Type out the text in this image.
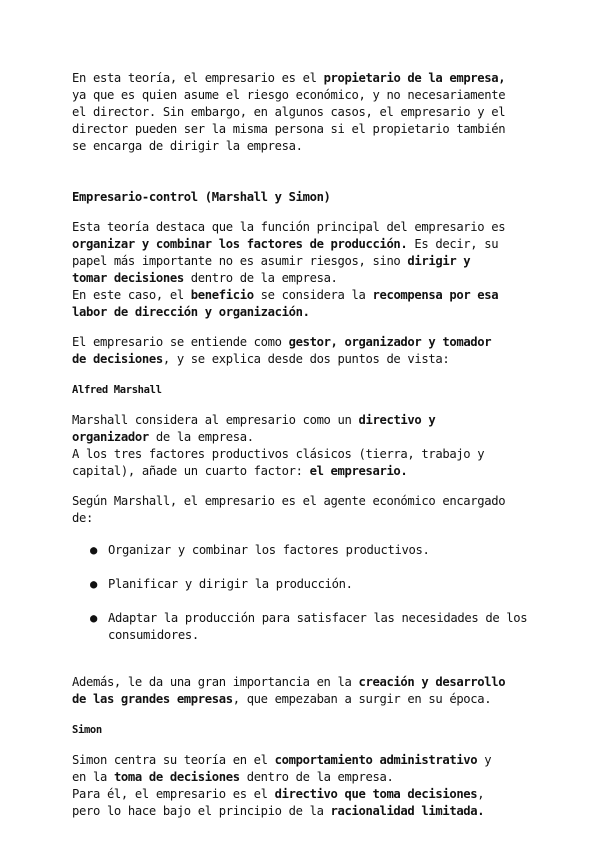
En esta teoría, el empresario es el propietario de la empresa,
ya que es quien asume el riesgo económico, y no necesariamente
el director. Sin embargo, en algunos casos, el empresario y el
director pueden ser la misma persona si el propietario también
se encarga de dirigir la empresa.

Empresario-control (Marshall y Simon)

Esta teoría destaca que la función principal del empresario es
organizar y combinar los factores de producción. Es decir, su
papel más importante no es asumir riesgos, sino dirigir y
tomar decisiones dentro de la empresa.

En este caso, el beneficio se considera la recompensa por esa
labor de dirección y organización.

El empresario se entiende como gestor, organizador y tomador
de decisiones, y se explica desde dos puntos de vista:

Alfred Marshall

Marshall considera al empresario como un directivo y
organizador de la empresa.

A los tres factores productivos clásicos (tierra, trabajo y
capital), añade un cuarto factor: el empresario.

Según Marshall, el empresario es el agente económico encargado
de:

● Organizar y combinar los factores productivos.
● Planificar y dirigir la producción.
● Adaptar la producción para satisfacer las necesidades de los consumidores.

Además, le da una gran importancia en la creación y desarrollo
de las grandes empresas, que empezaban a surgir en su época.

Simon

Simon centra su teoría en el comportamiento administrativo y
en la toma de decisiones dentro de la empresa.

Para él, el empresario es el directivo que toma decisiones,
pero lo hace bajo el principio de la racionalidad limitada.
